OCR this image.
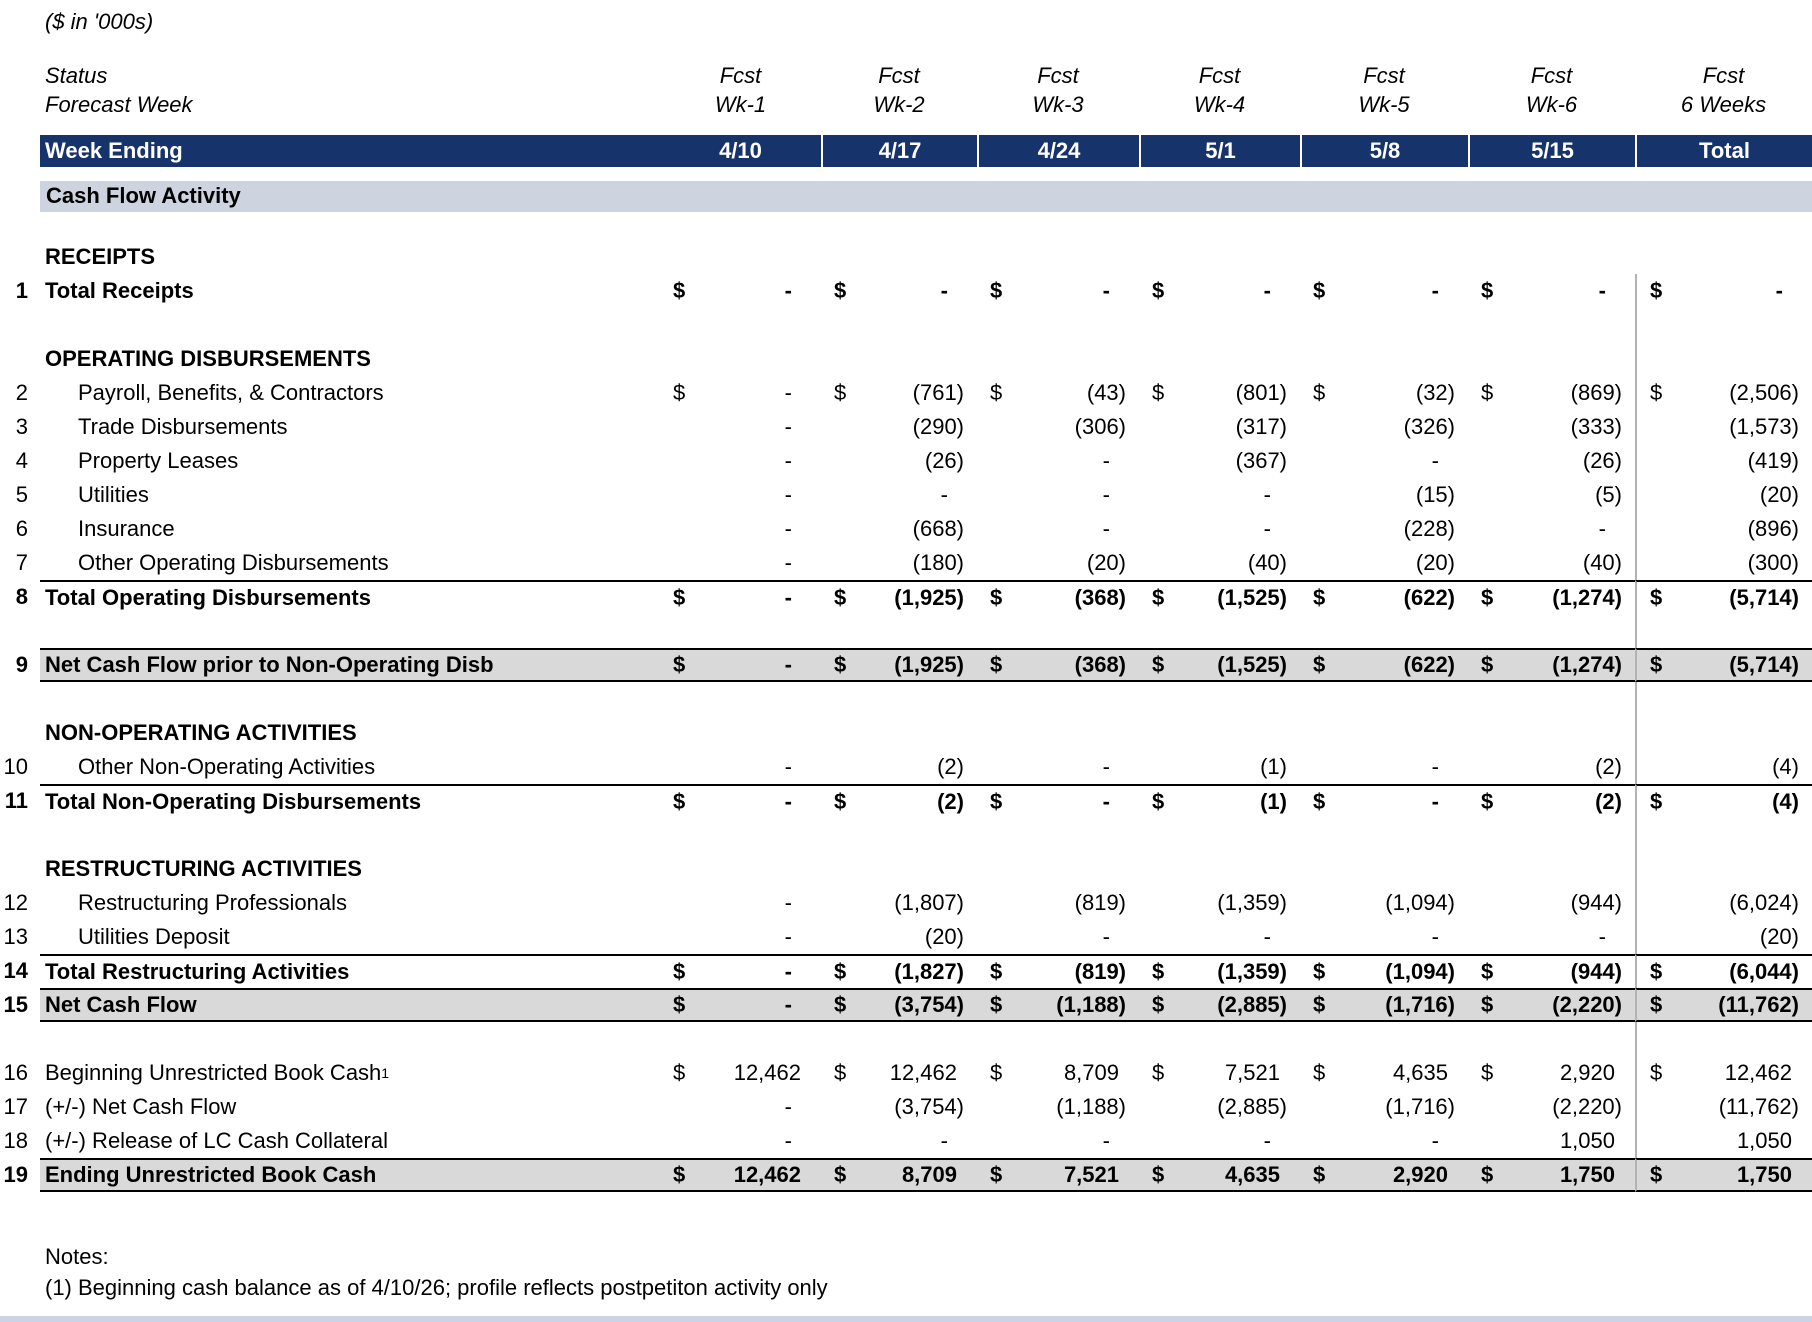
($ in '000s)
Status	Fcst	Fcst	Fcst	Fcst	Fcst	Fcst	Fcst
Forecast Week	Wk-1	Wk-2	Wk-3	Wk-4	Wk-5	Wk-6	6 Weeks
Week Ending	4/10	4/17	4/24	5/1	5/8	5/15	Total
Cash Flow Activity
RECEIPTS
1 Total Receipts	$	-	$	-	$	-	$	-	$	-	$	-	$	-
OPERATING DISBURSEMENTS
2	Payroll, Benefits, & Contractors	$	-	$	(761) $	(43) $	(801) $	(32) $	(869) $	(2,506)
3	Trade Disbursements	-	(290)	(306)	(317)	(326)	(333)	(1,573)
4	Property Leases	-	(26)	-	(367)	-	(26)	(419)
5	Utilities	-	-	-	-	(15)	(5)	(20)
6	Insurance	-	(668)	-	-	(228)	-	(896)
7	Other Operating Disbursements	-	(180)	(20)	(40)	(20)	(40)	(300)
8 Total Operating Disbursements	$	-	$	(1,925) $	(368) $	(1,525) $	(622) $	(1,274) $	(5,714)
9 Net Cash Flow prior to Non-Operating Disb	$	-	$	(1,925) $	(368) $	(1,525) $	(622) $	(1,274) $	(5,714)
NON-OPERATING ACTIVITIES
10	Other Non-Operating Activities	-	(2)	-	(1)	-	(2)	(4)
11 Total Non-Operating Disbursements	$	-	$	(2) $	-	$	(1) $	-	$	(2) $	(4)
RESTRUCTURING ACTIVITIES
12	Restructuring Professionals	-	(1,807)	(819)	(1,359)	(1,094)	(944)	(6,024)
13	Utilities Deposit	-	(20)	-	-	-	-	(20)
14 Total Restructuring Activities	$	-	$	(1,827) $	(819) $	(1,359) $	(1,094) $	(944) $	(6,044)
15 Net Cash Flow	$	-	$	(3,754) $	(1,188) $	(2,885) $	(1,716) $	(2,220) $	(11,762)
16 Beginning Unrestricted Book Cash 1	$	12,462	$	12,462	$	8,709	$	7,521	$	4,635	$	2,920	$	12,462
17 (+/-) Net Cash Flow	-	(3,754)	(1,188)	(2,885)	(1,716)	(2,220)	(11,762)
18 (+/-) Release of LC Cash Collateral	-	-	-	-	-	1,050	1,050
19 Ending Unrestricted Book Cash	$	12,462	$	8,709	$	7,521	$	4,635	$	2,920	$	1,750	$	1,750
Notes:
(1) Beginning cash balance as of 4/10/26; profile reflects postpetiton activity only
